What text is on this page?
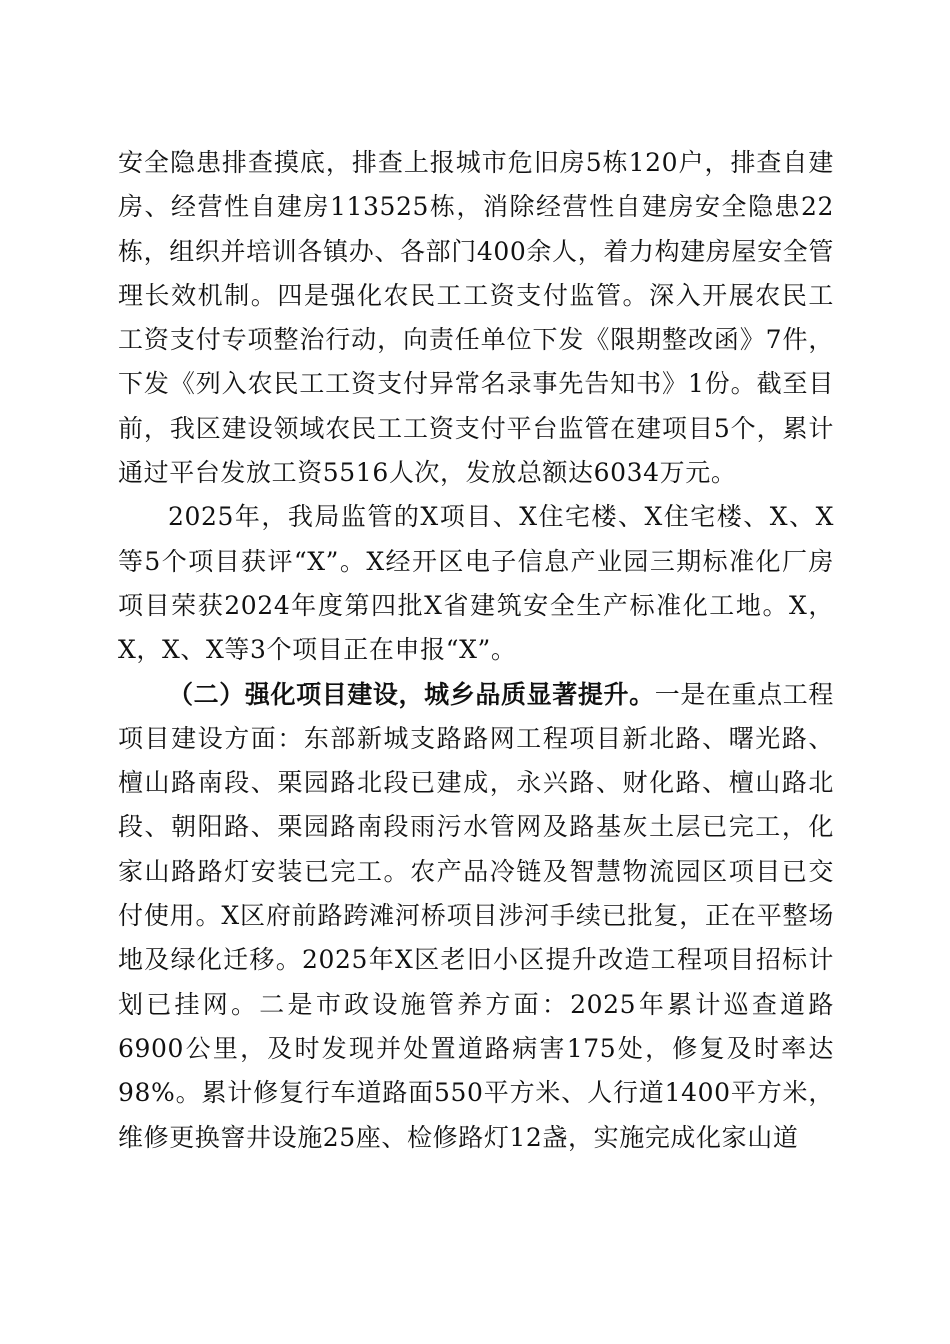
安全隐患排查摸底，排查上报城市危旧房5栋120户，排查自建房、经营性自建房113525栋，消除经营性自建房安全隐患22栋，组织并培训各镇办、各部门400余人，着力构建房屋安全管理长效机制。四是强化农民工工资支付监管。深入开展农民工工资支付专项整治行动，向责任单位下发《限期整改函》7件，下发《列入农民工工资支付异常名录事先告知书》1份。截至目前，我区建设领域农民工工资支付平台监管在建项目5个，累计通过平台发放工资5516人次，发放总额达6034万元。

2025年，我局监管的X项目、X住宅楼、X住宅楼、X、X等5个项目获评“X”。X经开区电子信息产业园三期标准化厂房项目荣获2024年度第四批X省建筑安全生产标准化工地。X，X，X、X等3个项目正在申报“X”。

（二）强化项目建设，城乡品质显著提升。一是在重点工程项目建设方面：东部新城支路路网工程项目新北路、曙光路、檀山路南段、栗园路北段已建成，永兴路、财化路、檀山路北段、朝阳路、栗园路南段雨污水管网及路基灰土层已完工，化家山路路灯安装已完工。农产品冷链及智慧物流园区项目已交付使用。X区府前路跨滩河桥项目涉河手续已批复，正在平整场地及绿化迁移。2025年X区老旧小区提升改造工程项目招标计划已挂网。二是市政设施管养方面：2025年累计巡查道路6900公里，及时发现并处置道路病害175处，修复及时率达98%。累计修复行车道路面550平方米、人行道1400平方米，维修更换窨井设施25座、检修路灯12盏，实施完成化家山道
